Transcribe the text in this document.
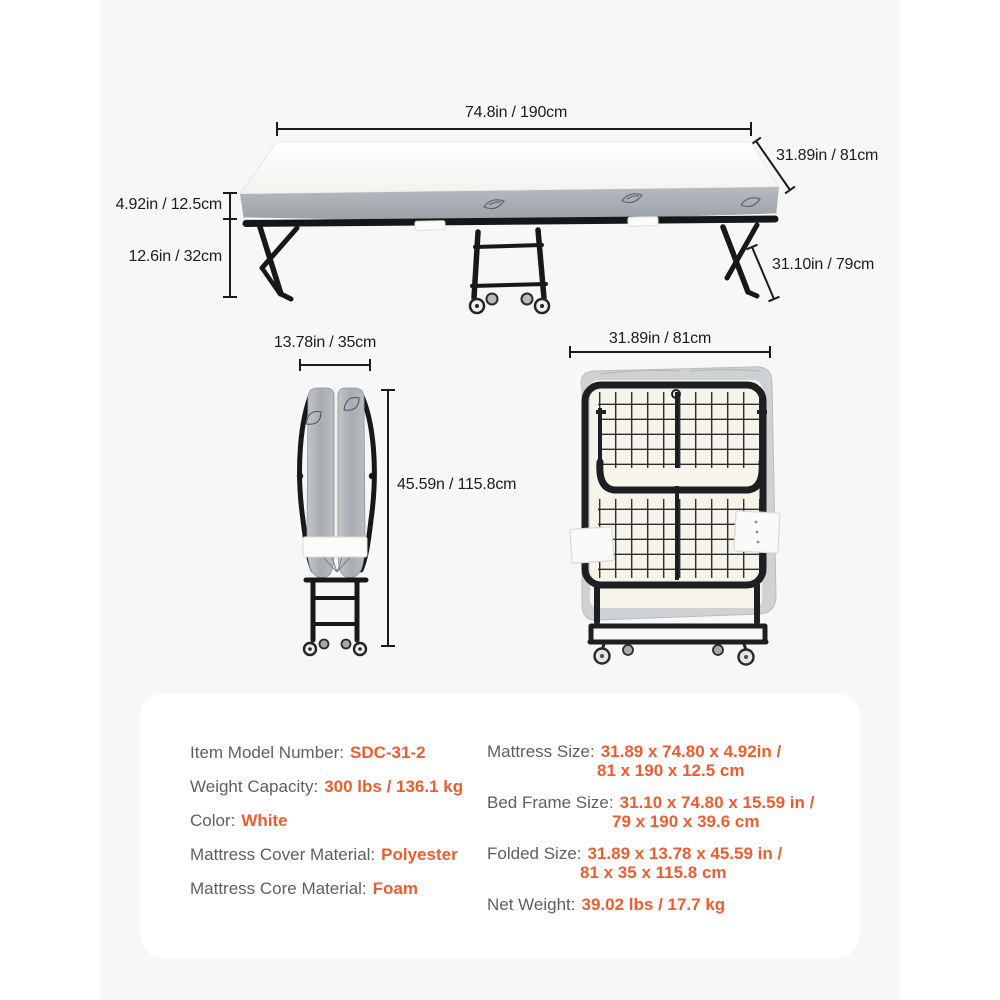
74.8in / 190cm
31.89in / 81cm
4.92in / 12.5cm
12.6in / 32cm	31.10in / 79cm
13.78in / 35cm
45.59n / 115.8cm
31.89in / 81cm
Item Model Number: SDC-31-2
Weight Capacity: 300 lbs / 136.1 kg
Color: White
Mattress Cover Material: Polyester
Mattress Core Material: Foam
Mattress Size: 31.89 x 74.80 x 4.92in /
81 x 190 x 12.5 cm
Bed Frame Size: 31.10 x 74.80 x 15.59 in /
79 x 190 x 39.6 cm
Folded Size: 31.89 x 13.78 x 45.59 in /
81 x 35 x 115.8 cm
Net Weight: 39.02 lbs / 17.7 kg
